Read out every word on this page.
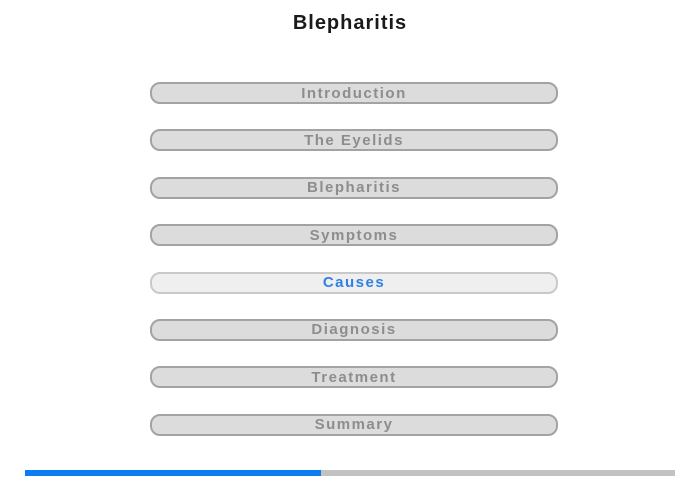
Blepharitis
Introduction
The Eyelids
Blepharitis
Symptoms
Causes
Diagnosis
Treatment
Summary
